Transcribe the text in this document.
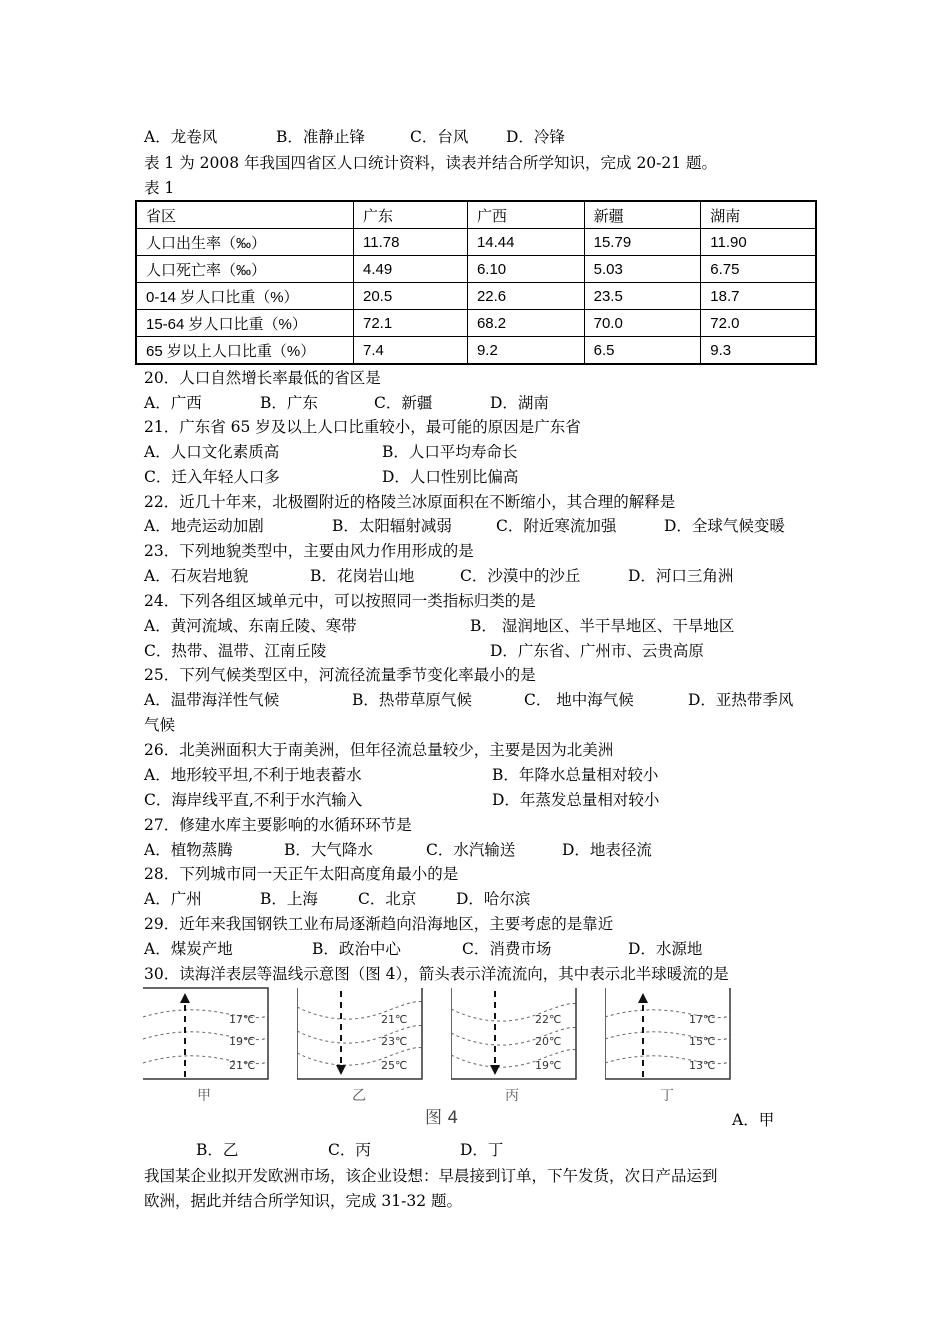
A．龙卷风	B．准静止锋	C．台风 D．冷锋
表 1 为 2008 年我国四省区人口统计资料，读表并结合所学知识，完成 20-21 题。
表 1
省区	广东	广西	新疆	湖南
人口出生率（‰）	11.78	14.44	15.79	11.90
人口死亡率（‰）	4.49	6.10	5.03	6.75
0-14 岁人口比重（%）	20.5	22.6	23.5	18.7
15-64 岁人口比重（%）	72.1	68.2	70.0	72.0
65 岁以上人口比重（%）	7.4	9.2	6.5	9.3
20．人口自然增长率最低的省区是
A．广西	B．广东	C．新疆	D．湖南
21．广东省 65 岁及以上人口比重较小，最可能的原因是广东省
A．人口文化素质高	B．人口平均寿命长
C．迁入年轻人口多	D．人口性别比偏高
22．近几十年来，北极圈附近的格陵兰冰原面积在不断缩小，其合理的解释是
A．地壳运动加剧	B．太阳辐射减弱	C．附近寒流加强	D．全球气候变暖
23．下列地貌类型中，主要由风力作用形成的是
A．石灰岩地貌	B．花岗岩山地	C．沙漠中的沙丘	D．河口三角洲
24．下列各组区域单元中，可以按照同一类指标归类的是
A．黄河流域、东南丘陵、寒带	B． 湿润地区、半干旱地区、干旱地区
C．热带、温带、江南丘陵	D．广东省、广州市、云贵高原
25．下列气候类型区中，河流径流量季节变化率最小的是
A．温带海洋性气候	B．热带草原气候	C． 地中海气候	D．亚热带季风
气候
26．北美洲面积大于南美洲，但年径流总量较少，主要是因为北美洲
A．地形较平坦,不利于地表蓄水	B．年降水总量相对较小
C．海岸线平直,不利于水汽输入	D．年蒸发总量相对较小
27．修建水库主要影响的水循环环节是
A．植物蒸腾	B．大气降水	C．水汽输送	D．地表径流
28．下列城市同一天正午太阳高度角最小的是
A．广州	B．上海	C．北京	D．哈尔滨
29．近年来我国钢铁工业布局逐渐趋向沿海地区，主要考虑的是靠近
A．煤炭产地	B．政治中心	C．消费市场	D．水源地
30．读海洋表层等温线示意图（图 4），箭头表示洋流流向，其中表示北半球暖流的是
17℃
19℃
21℃
21℃
23℃
25℃
22℃
20℃
19℃
17℃
15℃
13℃
甲	乙	丙	丁
图 4	A．甲
B．乙	C．丙	D．丁
我国某企业拟开发欧洲市场，该企业设想：早晨接到订单，下午发货，次日产品运到
欧洲，据此并结合所学知识，完成 31-32 题。
